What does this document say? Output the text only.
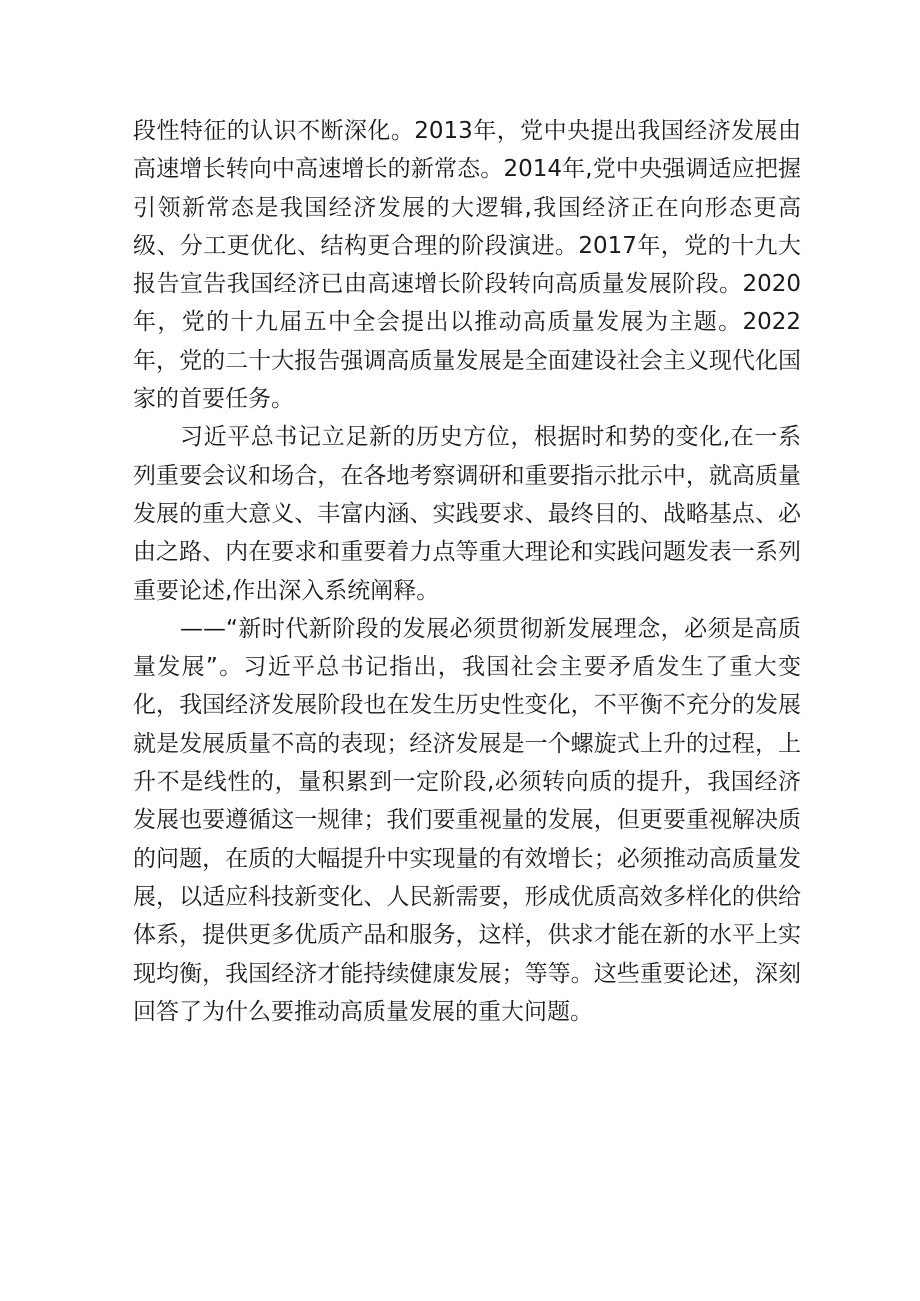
段性特征的认识不断深化。2013年，党中央提出我国经济发展由高速增长转向中高速增长的新常态。2014年,党中央强调适应把握引领新常态是我国经济发展的大逻辑,我国经济正在向形态更高级、分工更优化、结构更合理的阶段演进。2017年，党的十九大报告宣告我国经济已由高速增长阶段转向高质量发展阶段。2020年，党的十九届五中全会提出以推动高质量发展为主题。2022年，党的二十大报告强调高质量发展是全面建设社会主义现代化国家的首要任务。

习近平总书记立足新的历史方位，根据时和势的变化,在一系列重要会议和场合，在各地考察调研和重要指示批示中，就高质量发展的重大意义、丰富内涵、实践要求、最终目的、战略基点、必由之路、内在要求和重要着力点等重大理论和实践问题发表一系列重要论述,作出深入系统阐释。

——“新时代新阶段的发展必须贯彻新发展理念，必须是高质量发展”。习近平总书记指出，我国社会主要矛盾发生了重大变化，我国经济发展阶段也在发生历史性变化，不平衡不充分的发展就是发展质量不高的表现；经济发展是一个螺旋式上升的过程，上升不是线性的，量积累到一定阶段,必须转向质的提升，我国经济发展也要遵循这一规律；我们要重视量的发展，但更要重视解决质的问题，在质的大幅提升中实现量的有效增长；必须推动高质量发展，以适应科技新变化、人民新需要，形成优质高效多样化的供给体系，提供更多优质产品和服务，这样，供求才能在新的水平上实现均衡，我国经济才能持续健康发展；等等。这些重要论述，深刻回答了为什么要推动高质量发展的重大问题。
